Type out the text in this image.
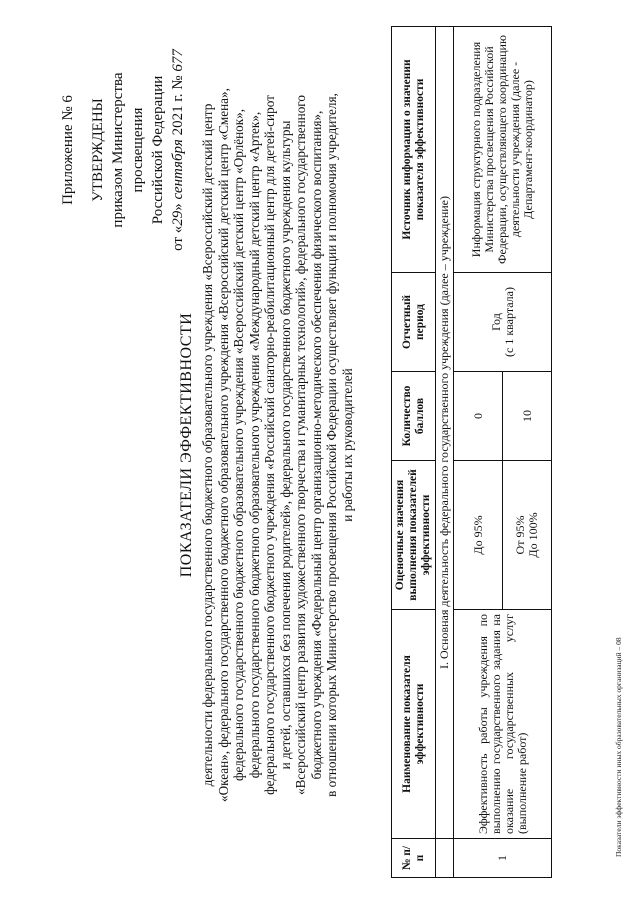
Приложение № 6 УТВЕРЖДЕНЫ приказом Министерства просвещения Российской Федерации
от «29» сентября 2021 г. № 677
ПОКАЗАТЕЛИ ЭФФЕКТИВНОСТИ деятельности федерального государственного бюджетного образовательного учреждения «Всероссийский детский центр «Океан», федерального государственного бюджетного образовательного учреждения «Всероссийский детский центр «Смена», федерального государственного бюджетного образовательного учреждения «Всероссийский детский центр «Орлёнок», федерального государственного бюджетного образовательного учреждения «Международный детский центр «Артек», федерального государственного бюджетного учреждения «Российский санаторно-реабилитационный центр для детей-сирот и детей, оставшихся без попечения родителей», федерального государственного бюджетного учреждения культуры «Всероссийский центр развития художественного творчества и гуманитарных технологий», федерального государственного бюджетного учреждения «Федеральный центр организационно-методического обеспечения физического воспитания», в отношении которых Министерство просвещения Российской Федерации осуществляет функции и полномочия учредителя, и работы их руководителей
№ п/п	Наименование показателя эффективности	Оценочные значения выполнения показателей эффективности	Количество баллов	Отчетный период	Источник информации о значении показателя эффективности
	I. Основная деятельность федерального государственного учреждения (далее – учреждение)				
1	Эффективность работы учреждения по выполнению государственного задания на оказание государственных услуг (выполнение работ)	До 95%	0	Год (с 1 квартала)	Информация структурного подразделения Министерства просвещения Российской Федерации, осуществляющего координацию деятельности учреждения (далее - Департамент-координатор)

		От 95% До 100%	10		
Показатели эффективности иных образовательных организаций – 08
